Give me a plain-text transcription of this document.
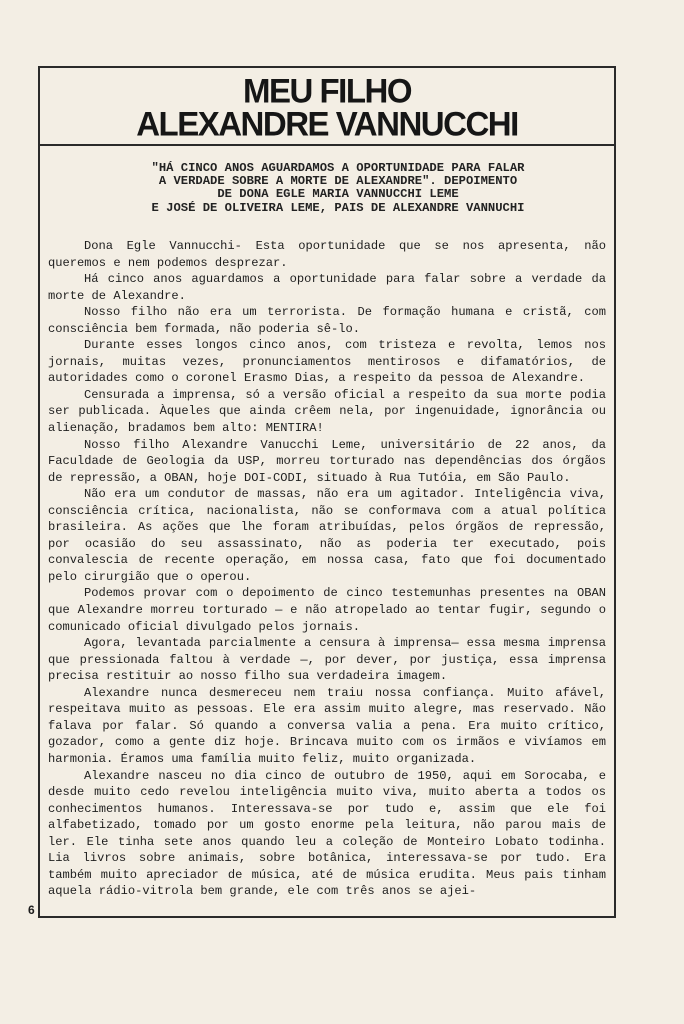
MEU FILHO
ALEXANDRE VANNUCCHI
"HÁ CINCO ANOS AGUARDAMOS A OPORTUNIDADE PARA FALAR
A VERDADE SOBRE A MORTE DE ALEXANDRE". DEPOIMENTO
DE DONA EGLE MARIA VANNUCCHI LEME
E JOSÉ DE OLIVEIRA LEME, PAIS DE ALEXANDRE VANNUCHI

Dona Egle Vannucchi- Esta oportunidade que se nos apresenta, não queremos e nem podemos desprezar.

Há cinco anos aguardamos a oportunidade para falar sobre a verdade da morte de Alexandre.

Nosso filho não era um terrorista. De formação humana e cristã, com consciência bem formada, não poderia sê-lo.

Durante esses longos cinco anos, com tristeza e revolta, lemos nos jornais, muitas vezes, pronunciamentos mentirosos e difamatórios, de autoridades como o coronel Erasmo Dias, a respeito da pessoa de Alexandre.

Censurada a imprensa, só a versão oficial a respeito da sua morte podia ser publicada. Àqueles que ainda crêem nela, por ingenuidade, ignorância ou alienação, bradamos bem alto: MENTIRA!

Nosso filho Alexandre Vanucchi Leme, universitário de 22 anos, da Faculdade de Geologia da USP, morreu torturado nas dependências dos órgãos de repressão, a OBAN, hoje DOI-CODI, situado à Rua Tutóia, em São Paulo.

Não era um condutor de massas, não era um agitador. Inteligência viva, consciência crítica, nacionalista, não se conformava com a atual política brasileira. As ações que lhe foram atribuídas, pelos órgãos de repressão, por ocasião do seu assassinato, não as poderia ter executado, pois convalescia de recente operação, em nossa casa, fato que foi documentado pelo cirurgião que o operou.

Podemos provar com o depoimento de cinco testemunhas presentes na OBAN que Alexandre morreu torturado — e não atropelado ao tentar fugir, segundo o comunicado oficial divulgado pelos jornais.

Agora, levantada parcialmente a censura à imprensa— essa mesma imprensa que pressionada faltou à verdade —, por dever, por justiça, essa imprensa precisa restituir ao nosso filho sua verdadeira imagem.

Alexandre nunca desmereceu nem traiu nossa confiança. Muito afável, respeitava muito as pessoas. Ele era assim muito alegre, mas reservado. Não falava por falar. Só quando a conversa valia a pena. Era muito crítico, gozador, como a gente diz hoje. Brincava muito com os irmãos e vivíamos em harmonia. Éramos uma família muito feliz, muito organizada.

Alexandre nasceu no dia cinco de outubro de 1950, aqui em Sorocaba, e desde muito cedo revelou inteligência muito viva, muito aberta a todos os conhecimentos humanos. Interessava-se por tudo e, assim que ele foi alfabetizado, tomado por um gosto enorme pela leitura, não parou mais de ler. Ele tinha sete anos quando leu a coleção de Monteiro Lobato todinha. Lia livros sobre animais, sobre botânica, interessava-se por tudo. Era também muito apreciador de música, até de música erudita. Meus pais tinham aquela rádio-vitrola bem grande, ele com três anos se ajei-

6
